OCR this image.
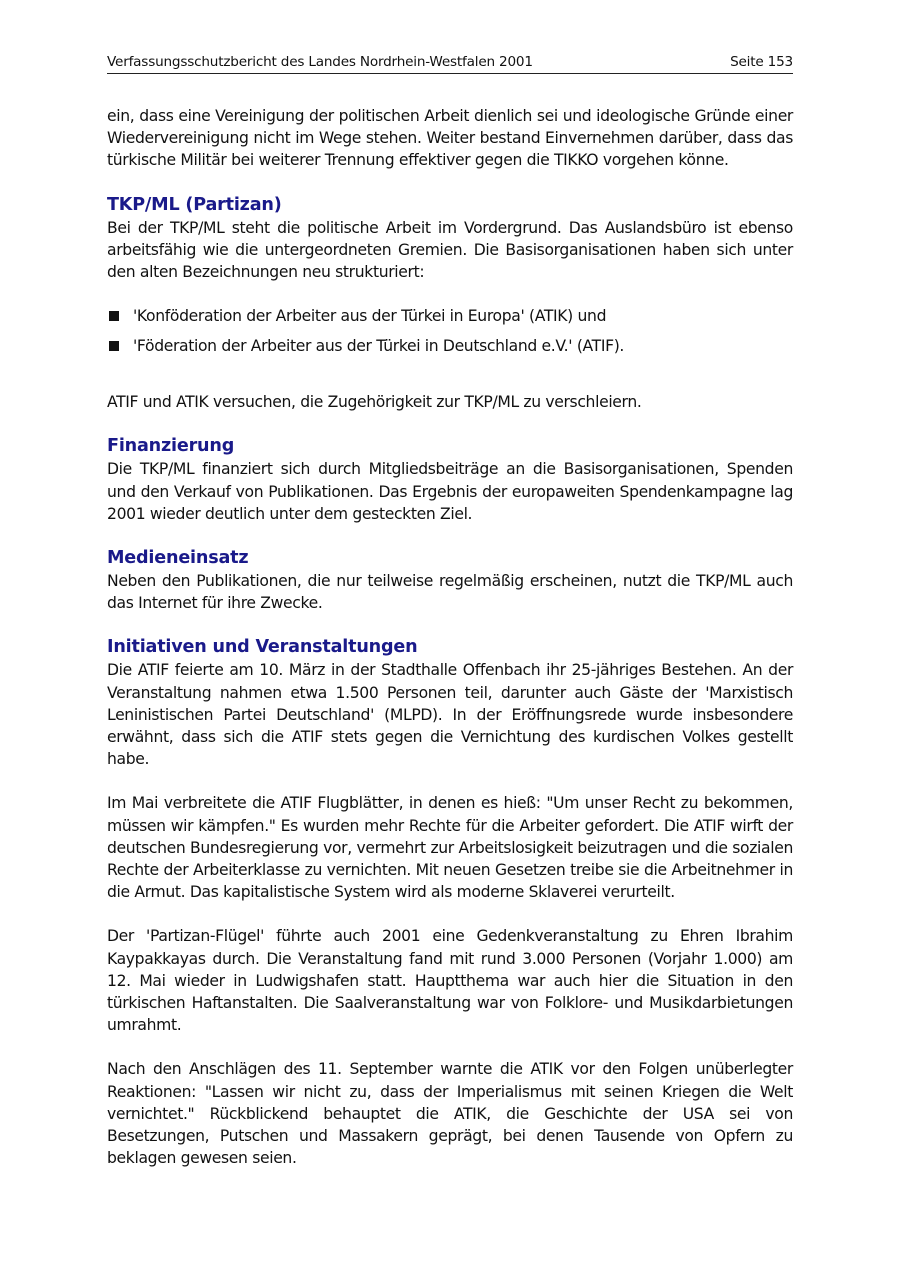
Verfassungsschutzbericht des Landes Nordrhein-Westfalen 2001	Seite 153

ein, dass eine Vereinigung der politischen Arbeit dienlich sei und ideologische Gründe einer Wiedervereinigung nicht im Wege stehen. Weiter bestand Einvernehmen darüber, dass das türkische Militär bei weiterer Trennung effektiver gegen die TIKKO vorgehen könne.

TKP/ML (Partizan)

Bei der TKP/ML steht die politische Arbeit im Vordergrund. Das Auslandsbüro ist ebenso arbeitsfähig wie die untergeordneten Gremien. Die Basisorganisationen haben sich unter den alten Bezeichnungen neu strukturiert:

'Konföderation der Arbeiter aus der Türkei in Europa' (ATIK) und
'Föderation der Arbeiter aus der Türkei in Deutschland e.V.' (ATIF).

ATIF und ATIK versuchen, die Zugehörigkeit zur TKP/ML zu verschleiern.

Finanzierung

Die TKP/ML finanziert sich durch Mitgliedsbeiträge an die Basisorganisationen, Spenden und den Verkauf von Publikationen. Das Ergebnis der europaweiten Spendenkampagne lag 2001 wieder deutlich unter dem gesteckten Ziel.

Medieneinsatz

Neben den Publikationen, die nur teilweise regelmäßig erscheinen, nutzt die TKP/ML auch das Internet für ihre Zwecke.

Initiativen und Veranstaltungen

Die ATIF feierte am 10. März in der Stadthalle Offenbach ihr 25-jähriges Bestehen. An der Veranstaltung nahmen etwa 1.500 Personen teil, darunter auch Gäste der 'Marxistisch Leninistischen Partei Deutschland' (MLPD). In der Eröffnungsrede wurde insbesondere erwähnt, dass sich die ATIF stets gegen die Vernichtung des kurdischen Volkes gestellt habe.

Im Mai verbreitete die ATIF Flugblätter, in denen es hieß: "Um unser Recht zu bekommen, müssen wir kämpfen." Es wurden mehr Rechte für die Arbeiter gefordert. Die ATIF wirft der deutschen Bundesregierung vor, vermehrt zur Arbeitslosigkeit beizutragen und die sozialen Rechte der Arbeiterklasse zu vernichten. Mit neuen Gesetzen treibe sie die Arbeitnehmer in die Armut. Das kapitalistische System wird als moderne Sklaverei verurteilt.

Der 'Partizan-Flügel' führte auch 2001 eine Gedenkveranstaltung zu Ehren Ibrahim Kaypakkayas durch. Die Veranstaltung fand mit rund 3.000 Personen (Vorjahr 1.000) am 12. Mai wieder in Ludwigshafen statt. Hauptthema war auch hier die Situation in den türkischen Haftanstalten. Die Saalveranstaltung war von Folklore- und Musikdarbietungen umrahmt.

Nach den Anschlägen des 11. September warnte die ATIK vor den Folgen unüberlegter Reaktionen: "Lassen wir nicht zu, dass der Imperialismus mit seinen Kriegen die Welt vernichtet." Rückblickend behauptet die ATIK, die Geschichte der USA sei von Besetzungen, Putschen und Massakern geprägt, bei denen Tausende von Opfern zu beklagen gewesen seien.
